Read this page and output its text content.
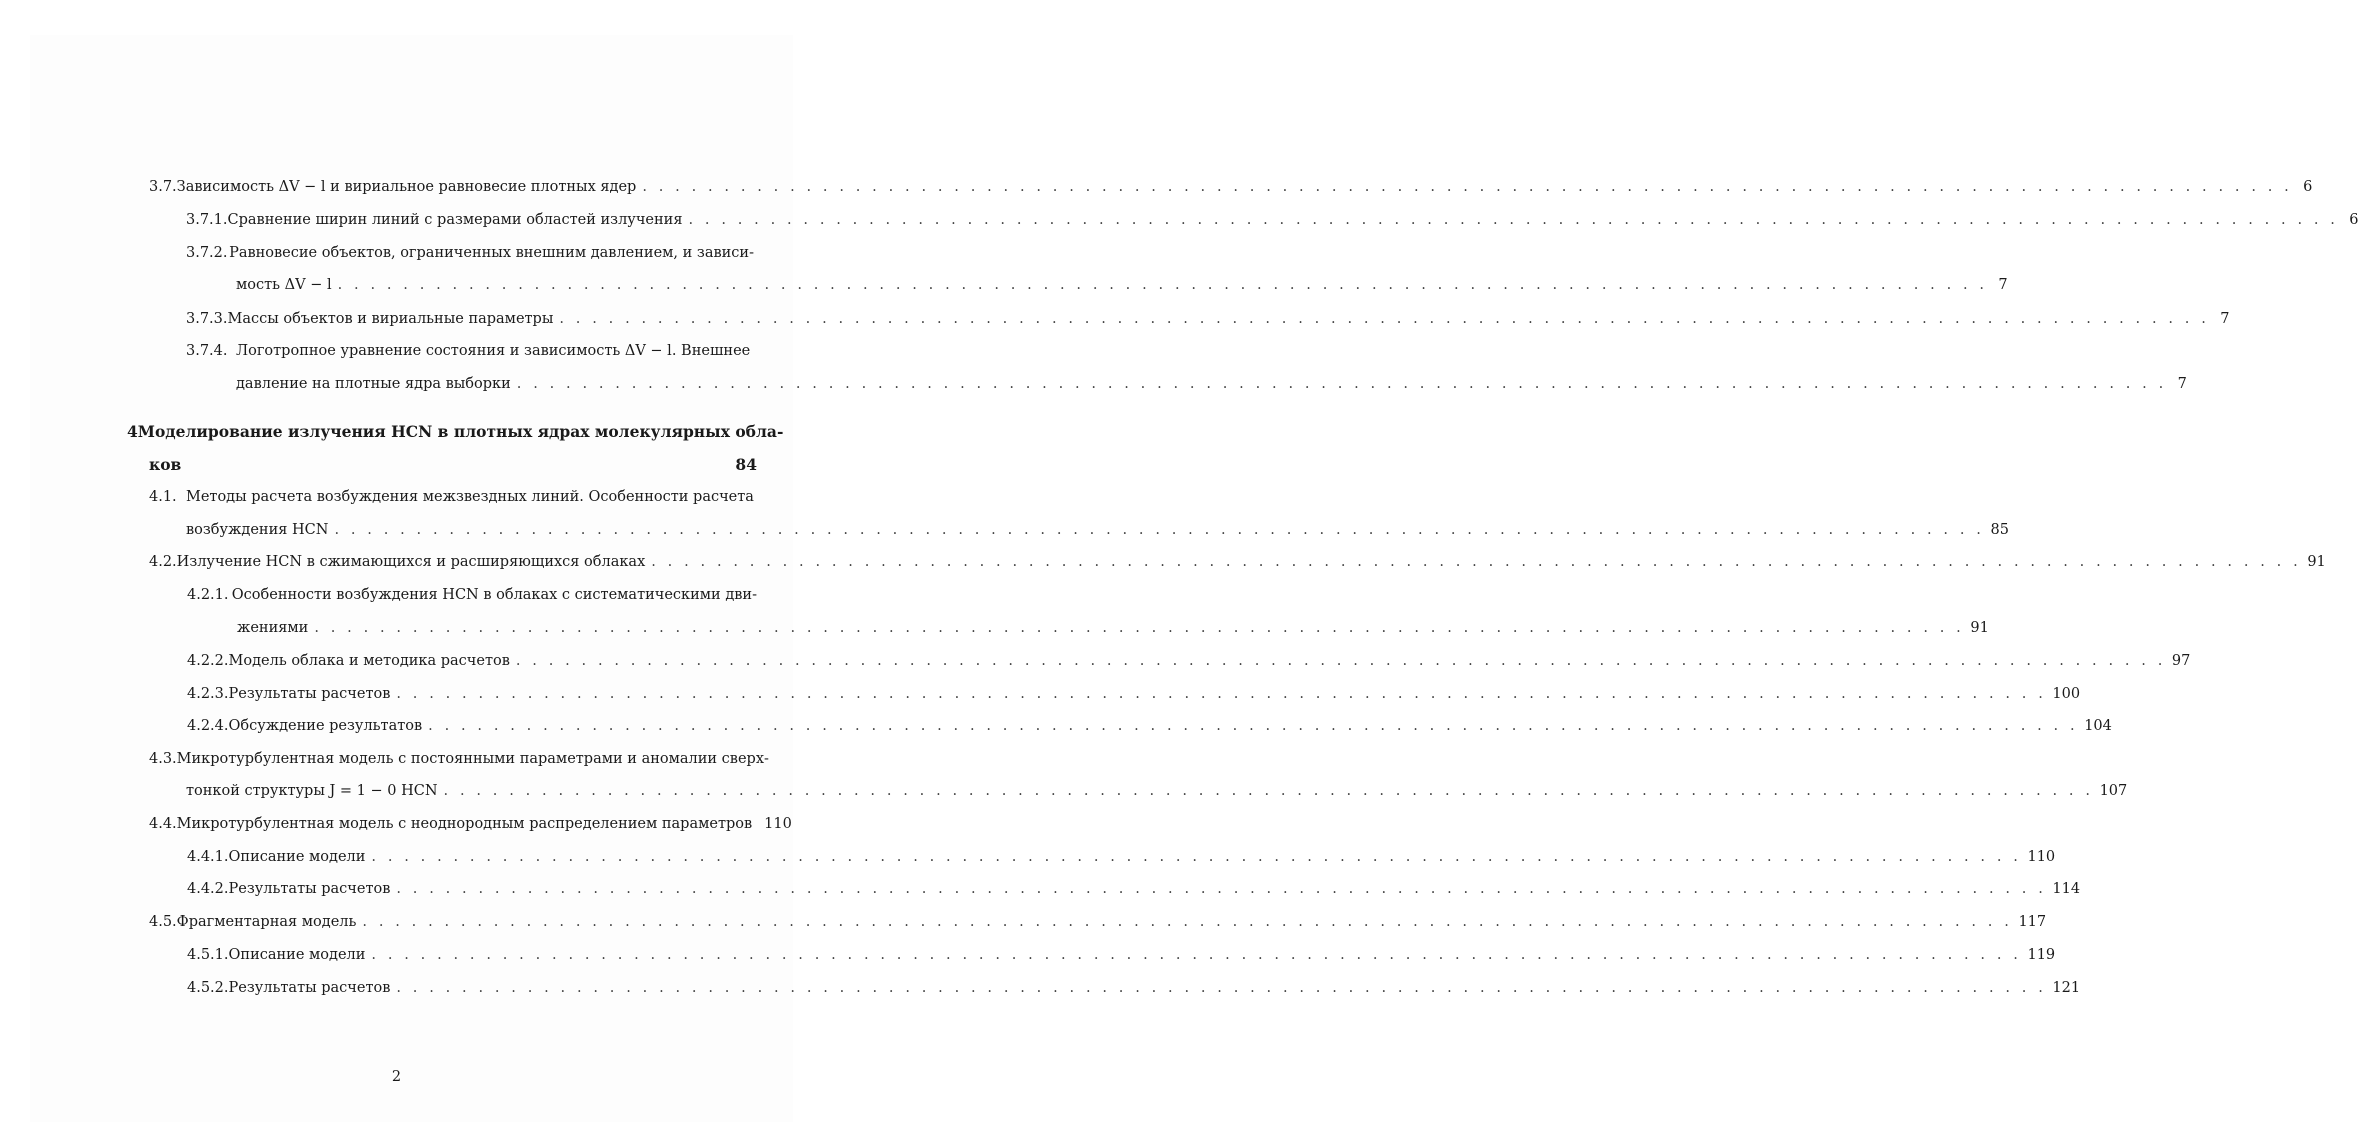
3.7. Зависимость ΔV − l и вириальное равновесие плотных ядер . . .	6
3.7.1. Сравнение ширин линий с размерами областей излучения . . .	6
3.7.2. Равновесие объектов, ограниченных внешним давлением, и зависи-
мость ΔV − l . . .	7
3.7.3. Массы объектов и вириальные параметры . . .	7
3.7.4. Логотропное уравнение состояния и зависимость ΔV − l. Внешнее
давление на плотные ядра выборки . . .	7
4 Моделирование излучения HCN в плотных ядрах молекулярных обла-
ков	84
4.1. Методы расчета возбуждения межзвездных линий. Особенности расчета
возбуждения HCN . . .	85
4.2. Излучение HCN в сжимающихся и расширяющихся облаках . . .	91
4.2.1. Особенности возбуждения HCN в облаках с систематическими дви-
жениями . . .	91
4.2.2. Модель облака и методика расчетов . . .	97
4.2.3. Результаты расчетов . . .	100
4.2.4. Обсуждение результатов . . .	104
4.3. Микротурбулентная модель с постоянными параметрами и аномалии сверх-
тонкой структуры J = 1 − 0 HCN . . .	107
4.4. Микротурбулентная модель с неоднородным распределением параметров 110
4.4.1. Описание модели . . .	110
4.4.2. Результаты расчетов . . .	114
4.5. Фрагментарная модель . . .	117
4.5.1. Описание модели . . .	119
4.5.2. Результаты расчетов . . .	121
2
